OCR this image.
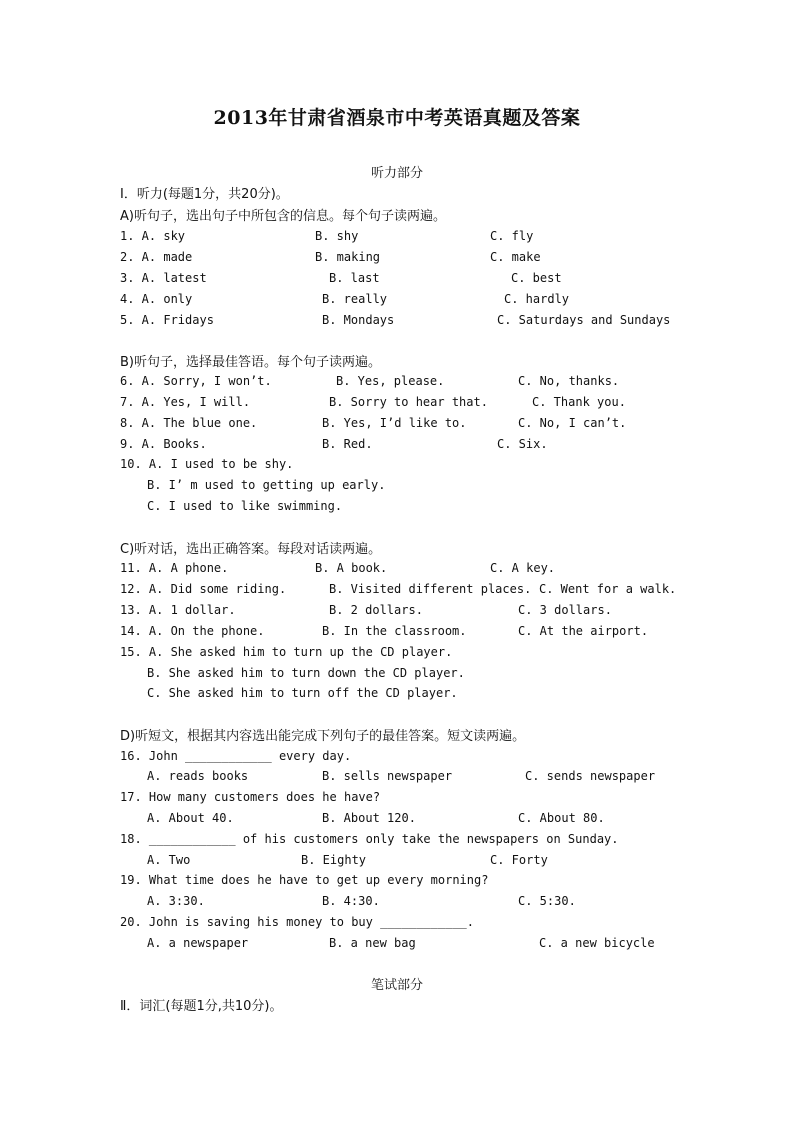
2013年甘肃省酒泉市中考英语真题及答案
听力部分
Ⅰ．听力(每题1分，共20分)。
A)听句子，选出句子中所包含的信息。每个句子读两遍。
1. A. sky	B. shy	C. fly
2. A. made	B. making	C. make
3. A. latest	B. last	C. best
4. A. only	B. really	C. hardly
5. A. Fridays	B. Mondays	C. Saturdays and Sundays
B)听句子，选择最佳答语。每个句子读两遍。
6. A. Sorry, I won’t.	B. Yes, please.	C. No, thanks.
7. A. Yes, I will.	B. Sorry to hear that.	C. Thank you.
8. A. The blue one.	B. Yes, I’d like to.	C. No, I can’t.
9. A. Books.	B. Red.	C. Six.
10. A. I used to be shy.
B. I’ m used to getting up early.
C. I used to like swimming.
C)听对话，选出正确答案。每段对话读两遍。
11. A. A phone.	B. A book.	C. A key.
12. A. Did some riding.	B. Visited different places. C. Went for a walk.
13. A. 1 dollar.	B. 2 dollars.	C. 3 dollars.
14. A. On the phone.	B. In the classroom.	C. At the airport.
15. A. She asked him to turn up the CD player.
B. She asked him to turn down the CD player.
C. She asked him to turn off the CD player.
D)听短文，根据其内容选出能完成下列句子的最佳答案。短文读两遍。
16. John ____________ every day.
A. reads books	B. sells newspaper	C. sends newspaper
17. How many customers does he have?
A. About 40.	B. About 120.	C. About 80.
18. ____________ of his customers only take the newspapers on Sunday.
A. Two	B. Eighty	C. Forty
19. What time does he have to get up every morning?
A. 3:30.	B. 4:30.	C. 5:30.
20. John is saving his money to buy ____________.
A. a newspaper	B. a new bag	C. a new bicycle
笔试部分
Ⅱ．词汇(每题1分,共10分)。
